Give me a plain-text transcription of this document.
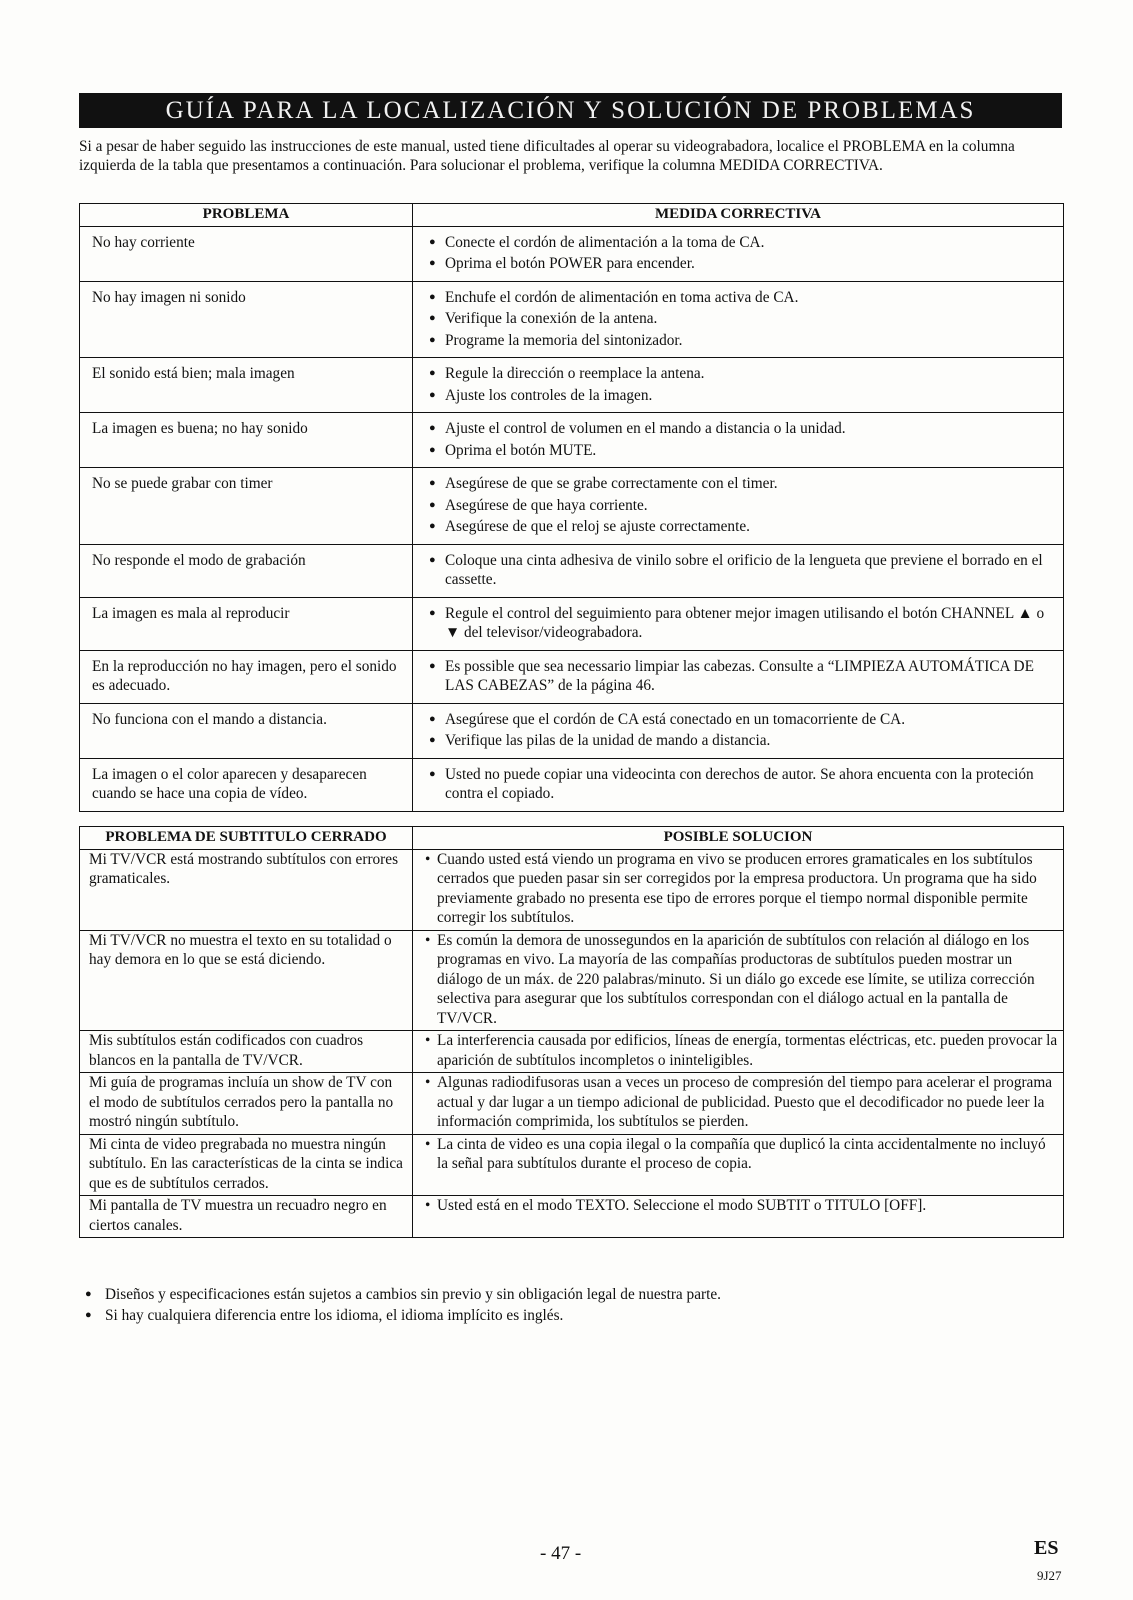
GUÍA PARA LA LOCALIZACIÓN Y SOLUCIÓN DE PROBLEMAS

Si a pesar de haber seguido las instrucciones de este manual, usted tiene dificultades al operar su videograbadora, localice el PROBLEMA en la columna izquierda de la tabla que presentamos a continuación. Para solucionar el problema, verifique la columna MEDIDA CORRECTIVA.

PROBLEMA	MEDIDA CORRECTIVA
No hay corriente	● Conecte el cordón de alimentación a la toma de CA.
● Oprima el botón POWER para encender.

No hay imagen ni sonido	● Enchufe el cordón de alimentación en toma activa de CA.
● Verifique la conexión de la antena.
● Programe la memoria del sintonizador.

El sonido está bien; mala imagen	● Regule la dirección o reemplace la antena.
● Ajuste los controles de la imagen.

La imagen es buena; no hay sonido	● Ajuste el control de volumen en el mando a distancia o la unidad.
● Oprima el botón MUTE.

No se puede grabar con timer	● Asegúrese de que se grabe correctamente con el timer.
● Asegúrese de que haya corriente.
● Asegúrese de que el reloj se ajuste correctamente.

No responde el modo de grabación	● Coloque una cinta adhesiva de vinilo sobre el orificio de la lengueta que previene el borrado en el cassette.

La imagen es mala al reproducir	● Regule el control del seguimiento para obtener mejor imagen utilisando el botón CHANNEL ▲ o ▼ del televisor/videograbadora.

En la reproducción no hay imagen, pero el sonido es adecuado.	● Es possible que sea necessario limpiar las cabezas. Consulte a “LIMPIEZA AUTOMÁTICA DE LAS CABEZAS” de la página 46.

No funciona con el mando a distancia.	● Asegúrese que el cordón de CA está conectado en un tomacorriente de CA.
● Verifique las pilas de la unidad de mando a distancia.

La imagen o el color aparecen y desaparecen cuando se hace una copia de vídeo.	● Usted no puede copiar una videocinta con derechos de autor. Se ahora encuenta con la proteción contra el copiado.
PROBLEMA DE SUBTITULO CERRADO	POSIBLE SOLUCION
Mi TV/VCR está mostrando subtítulos con errores gramaticales.	• Cuando usted está viendo un programa en vivo se producen errores gramaticales en los subtítulos cerrados que pueden pasar sin ser corregidos por la empresa productora. Un programa que ha sido previamente grabado no presenta ese tipo de errores porque el tiempo normal disponible permite corregir los subtítulos.

Mi TV/VCR no muestra el texto en su totalidad o hay demora en lo que se está diciendo.	• Es común la demora de unossegundos en la aparición de subtítulos con relación al diálogo en los programas en vivo. La mayoría de las compañías productoras de subtítulos pueden mostrar un diálogo de un máx. de 220 palabras/minuto. Si un diálo go excede ese límite, se utiliza corrección selectiva para asegurar que los subtítulos correspondan con el diálogo actual en la pantalla de TV/VCR.

Mis subtítulos están codificados con cuadros blancos en la pantalla de TV/VCR.	• La interferencia causada por edificios, líneas de energía, tormentas eléctricas, etc. pueden provocar la aparición de subtítulos incompletos o ininteligibles.

Mi guía de programas incluía un show de TV con el modo de subtítulos cerrados pero la pantalla no mostró ningún subtítulo.	• Algunas radiodifusoras usan a veces un proceso de compresión del tiempo para acelerar el programa actual y dar lugar a un tiempo adicional de publicidad. Puesto que el decodificador no puede leer la información comprimida, los subtítulos se pierden.

Mi cinta de video pregrabada no muestra ningún subtítulo. En las características de la cinta se indica que es de subtítulos cerrados.	• La cinta de video es una copia ilegal o la compañía que duplicó la cinta accidentalmente no incluyó la señal para subtítulos durante el proceso de copia.

Mi pantalla de TV muestra un recuadro negro en ciertos canales.	• Usted está en el modo TEXTO. Seleccione el modo SUBTIT o TITULO [OFF].
● Diseños y especificaciones están sujetos a cambios sin previo y sin obligación legal de nuestra parte.
● Si hay cualquiera diferencia entre los idioma, el idioma implícito es inglés.
- 47 -	ES
9J27
